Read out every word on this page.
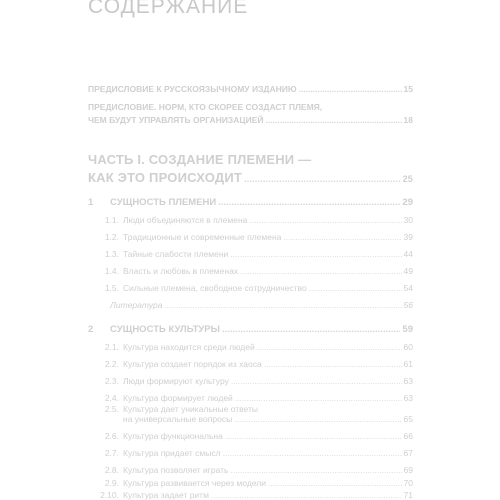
СОДЕРЖАНИЕ
ПРЕДИСЛОВИЕ К РУССКОЯЗЫЧНОМУ ИЗДАНИЮ .....	15
ПРЕДИСЛОВИЕ. НОРМ, КТО СКОРЕЕ СОЗДАСТ ПЛЕМЯ,
ЧЕМ БУДУТ УПРАВЛЯТЬ ОРГАНИЗАЦИЕЙ .....	18
ЧАСТЬ I. СОЗДАНИЕ ПЛЕМЕНИ —
КАК ЭТО ПРОИСХОДИТ .....	25
1 СУЩНОСТЬ ПЛЕМЕНИ .....	29
1.1. Люди объединяются в племена .....	30
1.2. Традиционные и современные племена .....	39
1.3. Тайные слабости племени .....	44
1.4. Власть и любовь в племенах .....	49
1.5. Сильные племена, свободное сотрудничество .....	54
Литература .....	56
2 СУЩНОСТЬ КУЛЬТУРЫ .....	59
2.1. Культура находится среди людей .....	60
2.2. Культура создает порядок из хаоса .....	61
2.3. Люди формируют культуру .....	63
2.4. Культура формирует людей .....	63
2.5. Культура дает уникальные ответы
на универсальные вопросы .....	65
2.6. Культура функциональна .....	66
2.7. Культура придает смысл .....	67
2.8. Культура позволяет играть .....	69
2.9. Культура развивается через модели .....	70
2.10. Культура задает ритм .....	71
